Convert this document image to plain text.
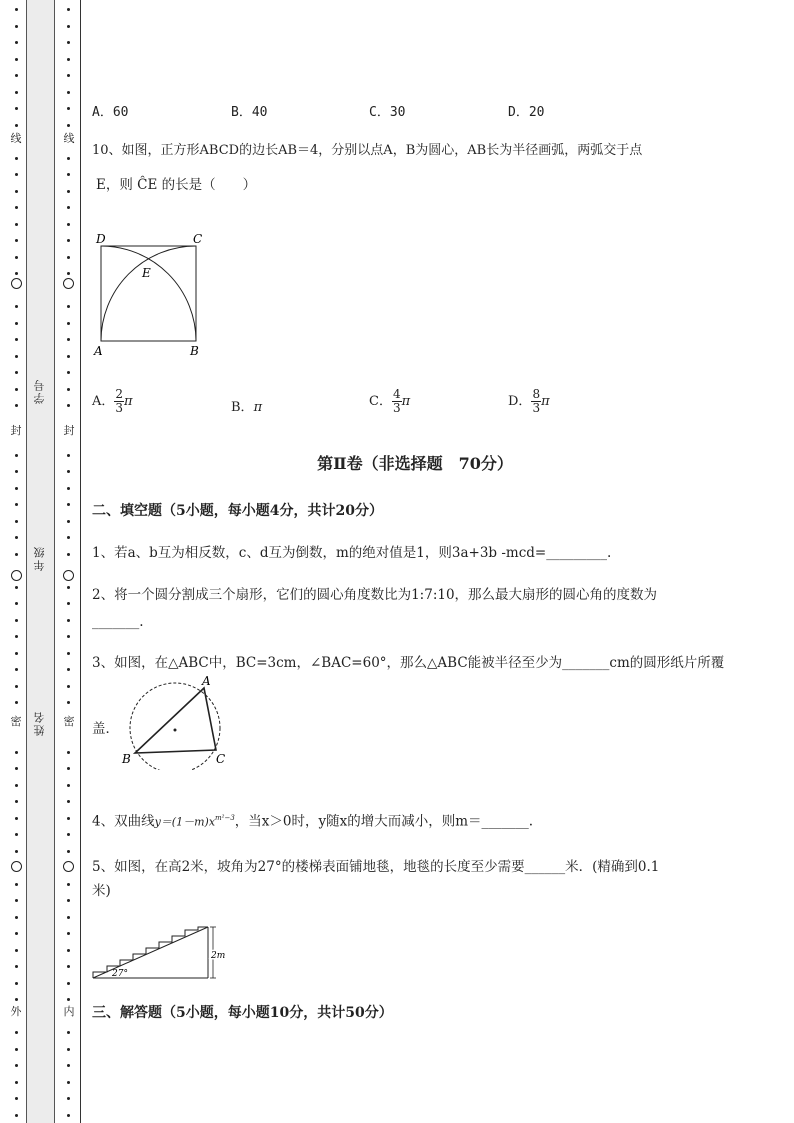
线
封
密
外
线
封
密
内
学号
年级
姓名
A．60	B．40	C．30	D．20
10、如图，正方形ABCD的边长AB＝4，分别以点A，B为圆心，AB长为半径画弧，两弧交于点
E，则 ĈE 的长是（　　）
D	C
E
A	B
A． $\frac{2}{3}$ π	B．π	C． $\frac{4}{3}$ π	D． $\frac{8}{3}$ π
第Ⅱ卷（非选择题　70分）
二、填空题（5小题，每小题4分，共计20分）
1、若a、b互为相反数，c、d互为倒数，m的绝对值是1，则3a+3b -mcd=_________.
2、将一个圆分割成三个扇形，它们的圆心角度数比为1:7:10，那么最大扇形的圆心角的度数为
_______.
3、如图，在△ABC中，BC=3cm，∠BAC=60°，那么△ABC能被半径至少为_______cm的圆形纸片所覆
盖．
A
B	C
4、双曲线$y=(1-m)x^{m^2-3}$，当x＞0时，y随x的增大而减小，则m＝_______.
5、如图，在高2米，坡角为27°的楼梯表面铺地毯，地毯的长度至少需要______米．(精确到0.1
米)
2m
27°
三、解答题（5小题，每小题10分，共计50分）
